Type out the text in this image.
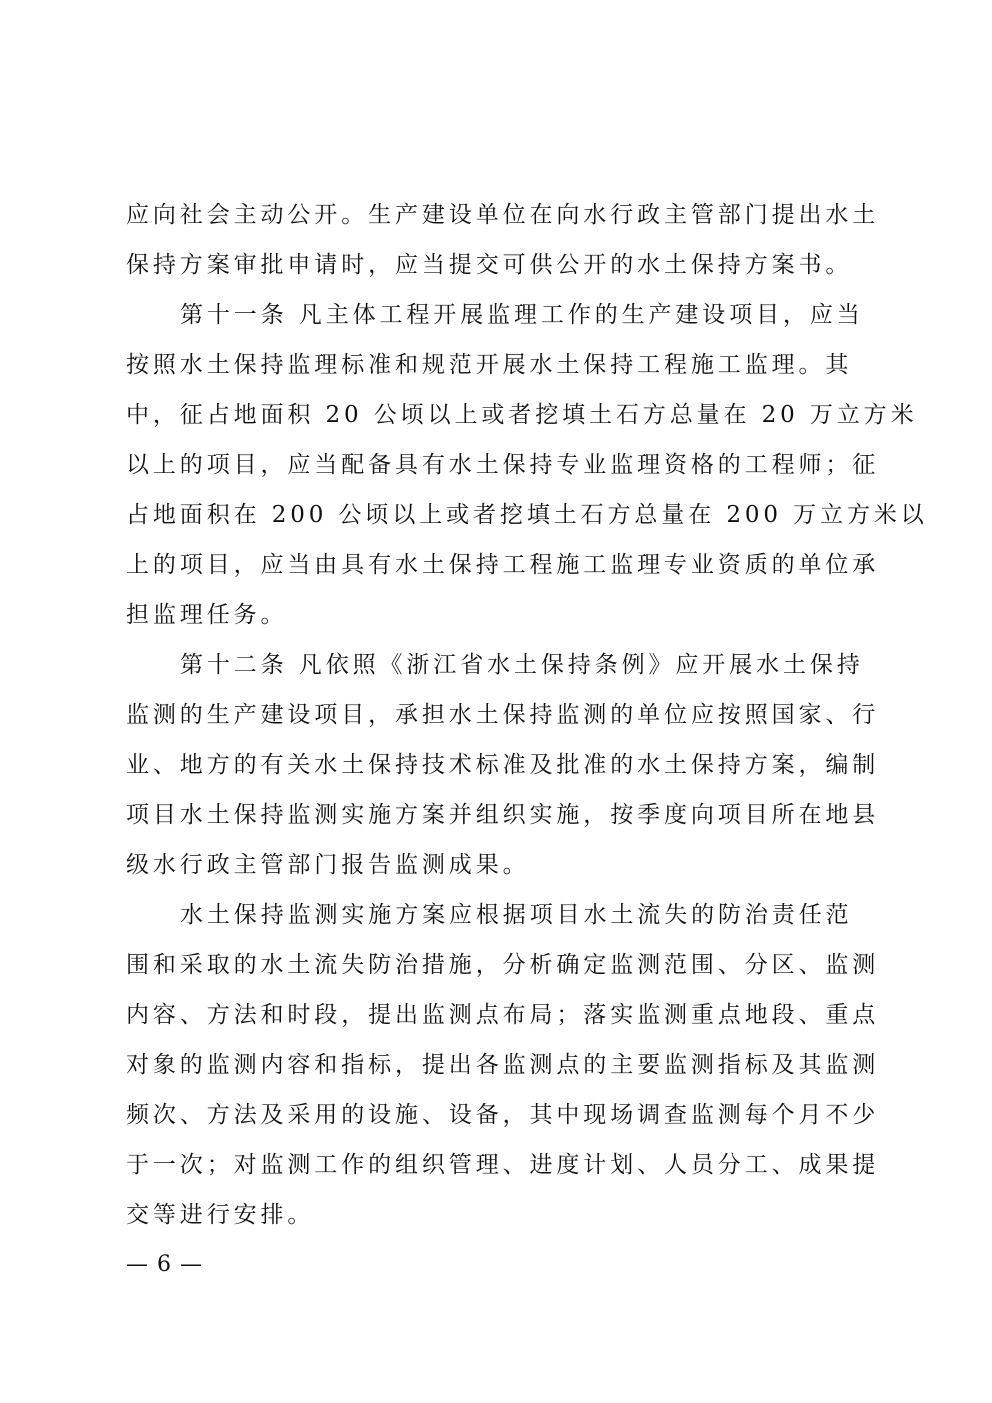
应向社会主动公开。生产建设单位在向水行政主管部门提出水土
保持方案审批申请时，应当提交可供公开的水土保持方案书。
第十一条 凡主体工程开展监理工作的生产建设项目，应当
按照水土保持监理标准和规范开展水土保持工程施工监理。其
中，征占地面积 20 公顷以上或者挖填土石方总量在 20 万立方米
以上的项目，应当配备具有水土保持专业监理资格的工程师；征
占地面积在 200 公顷以上或者挖填土石方总量在 200 万立方米以
上的项目，应当由具有水土保持工程施工监理专业资质的单位承
担监理任务。
第十二条 凡依照《浙江省水土保持条例》应开展水土保持
监测的生产建设项目，承担水土保持监测的单位应按照国家、行
业、地方的有关水土保持技术标准及批准的水土保持方案，编制
项目水土保持监测实施方案并组织实施，按季度向项目所在地县
级水行政主管部门报告监测成果。
水土保持监测实施方案应根据项目水土流失的防治责任范
围和采取的水土流失防治措施，分析确定监测范围、分区、监测
内容、方法和时段，提出监测点布局；落实监测重点地段、重点
对象的监测内容和指标，提出各监测点的主要监测指标及其监测
频次、方法及采用的设施、设备，其中现场调查监测每个月不少
于一次；对监测工作的组织管理、进度计划、人员分工、成果提
交等进行安排。
— 6 —
